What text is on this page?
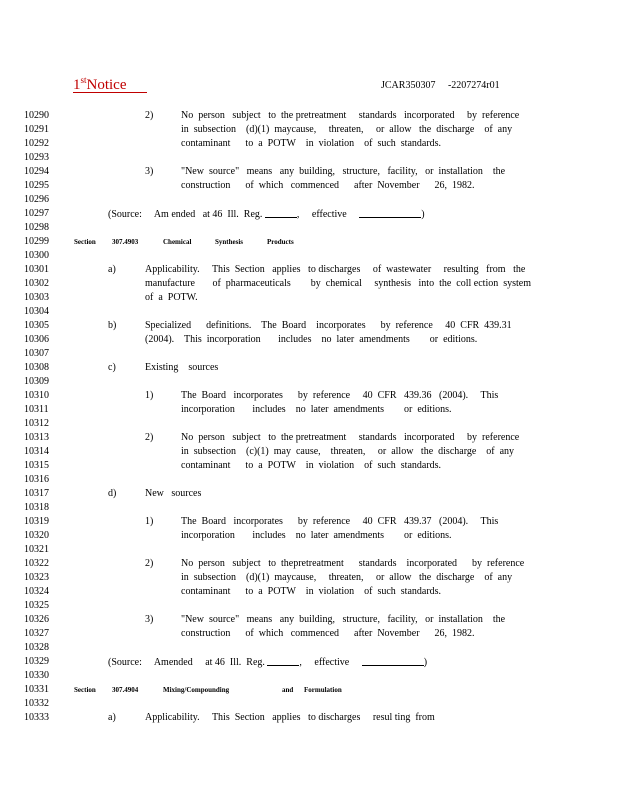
1stNotice	JCAR350307     -2207274r01
10290
10291
10292
10293
10294
10295
10296
10297
10298
10299
10300
10301
10302
10303
10304
10305
10306
10307
10308
10309
10310
10311
10312
10313
10314
10315
10316
10317
10318
10319
10320
10321
10322
10323
10324
10325
10326
10327
10328
10329
10330
10331
10332
10333
2)	No  person   subject   to  the pretreatment     standards   incorporated     by  reference
in  subsection    (d)(1)  maycause,     threaten,     or  allow   the  discharge    of  any
contaminant      to  a  POTW    in  violation    of  such  standards.
3)	"New  source"   means   any  building,   structure,   facility,   or  installation    the
construction      of  which   commenced      after  November      26,  1982.
(Source:     Am ended   at 46  Ill.  Reg.	,     effective	)
Section 307.4903	Chemical	Synthesis	Products
a)	Applicability.     This  Section   applies   to discharges     of  wastewater     resulting   from   the
manufacture       of  pharmaceuticals        by  chemical     synthesis   into  the  coll ection  system
of  a  POTW.
b)	Specialized      definitions.    The  Board    incorporates      by  reference     40  CFR  439.31
(2004).    This  incorporation       includes    no  later  amendments        or  editions.
c)	Existing    sources
1)	The  Board   incorporates      by  reference     40  CFR   439.36   (2004).     This
incorporation       includes    no  later  amendments        or  editions.
2)	No  person   subject   to  the pretreatment     standards   incorporated     by  reference
in  subsection    (c)(1)  may  cause,    threaten,     or  allow   the  discharge    of  any
contaminant      to  a  POTW    in  violation    of  such  standards.
d)	New   sources
1)	The  Board   incorporates      by  reference     40  CFR   439.37   (2004).     This
incorporation       includes    no  later  amendments        or  editions.
2)	No  person   subject   to  thepretreatment      standards    incorporated      by  reference
in  subsection    (d)(1)  maycause,     threaten,     or  allow   the  discharge    of  any
contaminant      to  a  POTW    in  violation    of  such  standards.
3)	"New  source"   means   any  building,   structure,   facility,   or  installation    the
construction      of  which   commenced      after  November      26,  1982.
(Source:     Amended     at 46  Ill.  Reg.	,     effective	)
Section 307.4904	Mixing/Compounding	and Formulation
a)	Applicability.     This  Section   applies   to discharges     resul ting  from
